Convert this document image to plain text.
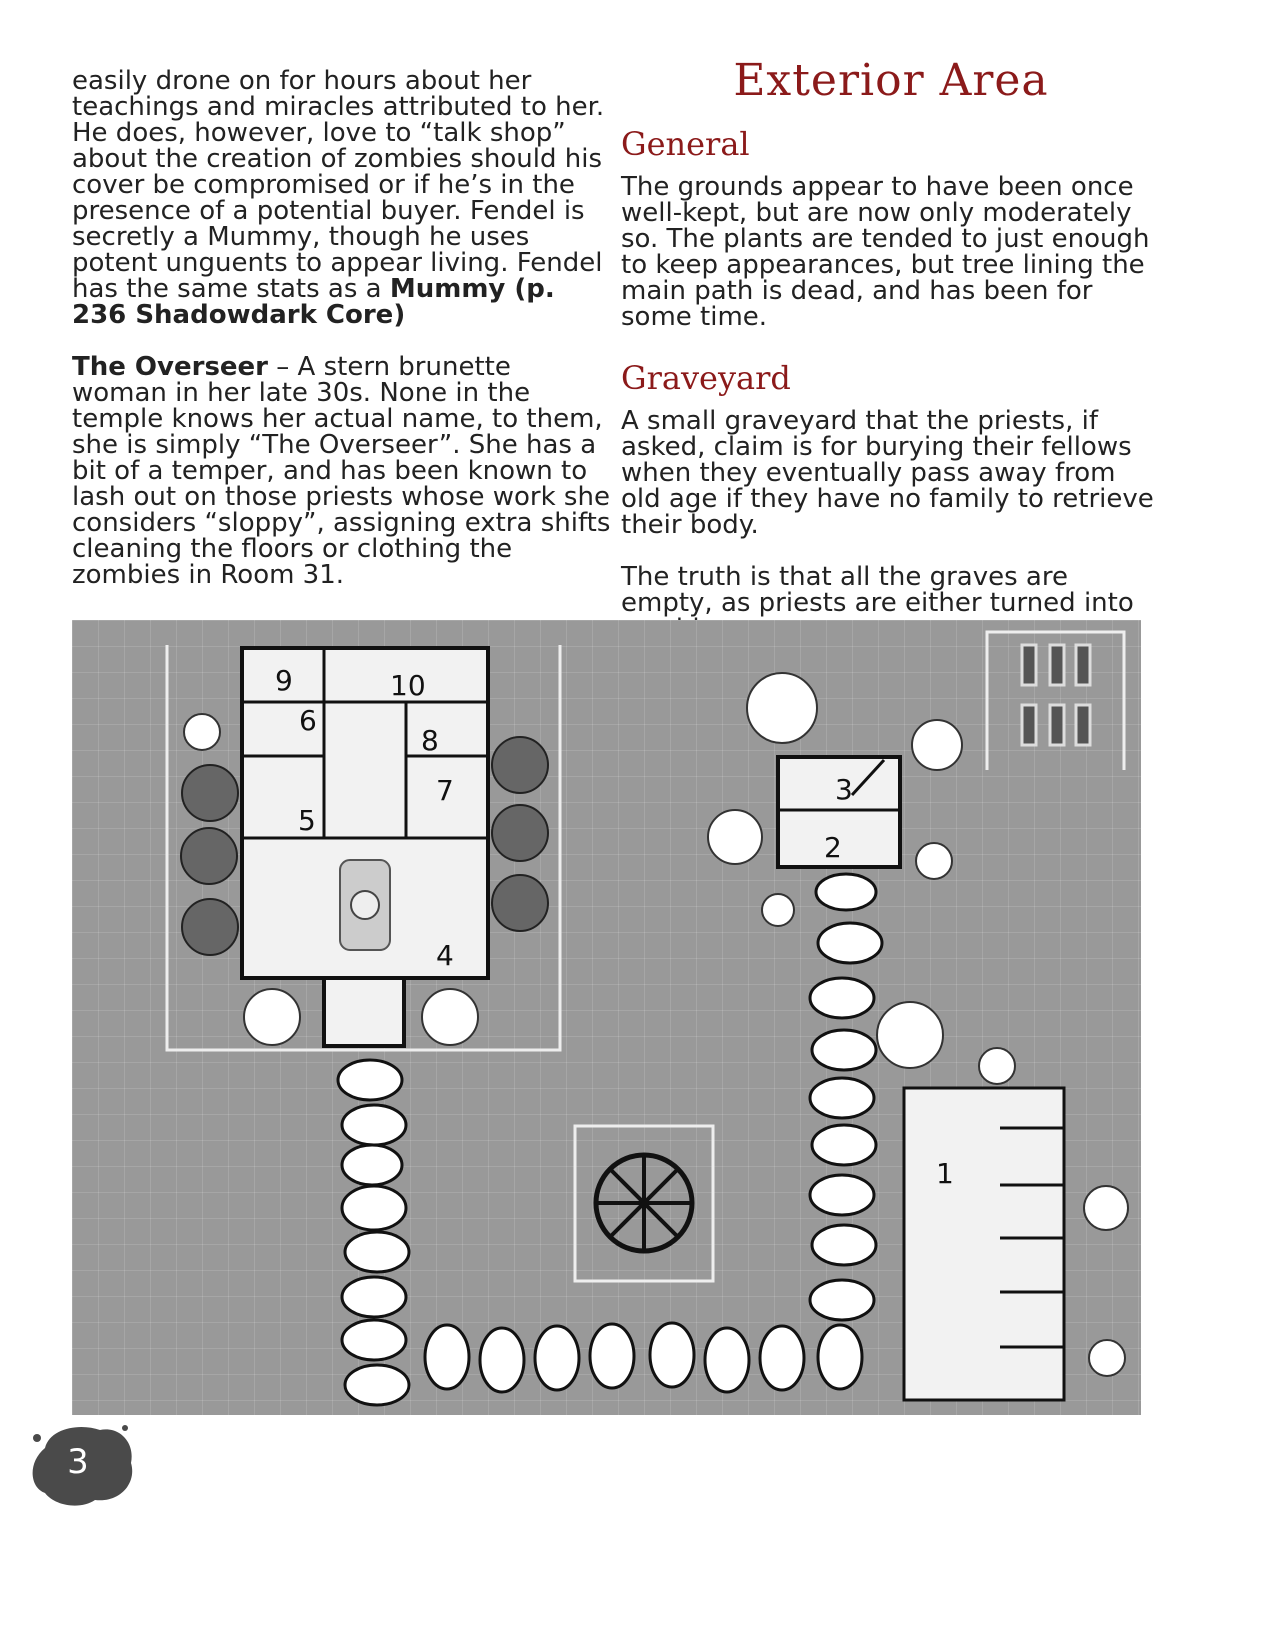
easily drone on for hours about her teachings and miracles attributed to her. He does, however, love to “talk shop” about the creation of zombies should his cover be compromised or if he’s in the presence of a potential buyer. Fendel is secretly a Mummy, though he uses potent unguents to appear living. Fendel has the same stats as a Mummy (p. 236 Shadowdark Core)

The Overseer – A stern brunette woman in her late 30s. None in the temple knows her actual name, to them, she is simply “The Overseer”. She has a bit of a temper, and has been known to lash out on those priests whose work she considers “sloppy”, assigning extra shifts cleaning the floors or clothing the zombies in Room 31.

Exterior Area
General

The grounds appear to have been once well-kept, but are now only moderately so. The plants are tended to just enough to keep appearances, but tree lining the main path is dead, and has been for some time.

Graveyard

A small graveyard that the priests, if asked, claim is for burying their fellows when they eventually pass away from old age if they have no family to retrieve their body.

The truth is that all the graves are empty, as priests are either turned into

1
2
3
4
5
6
7
8
9	10
3
